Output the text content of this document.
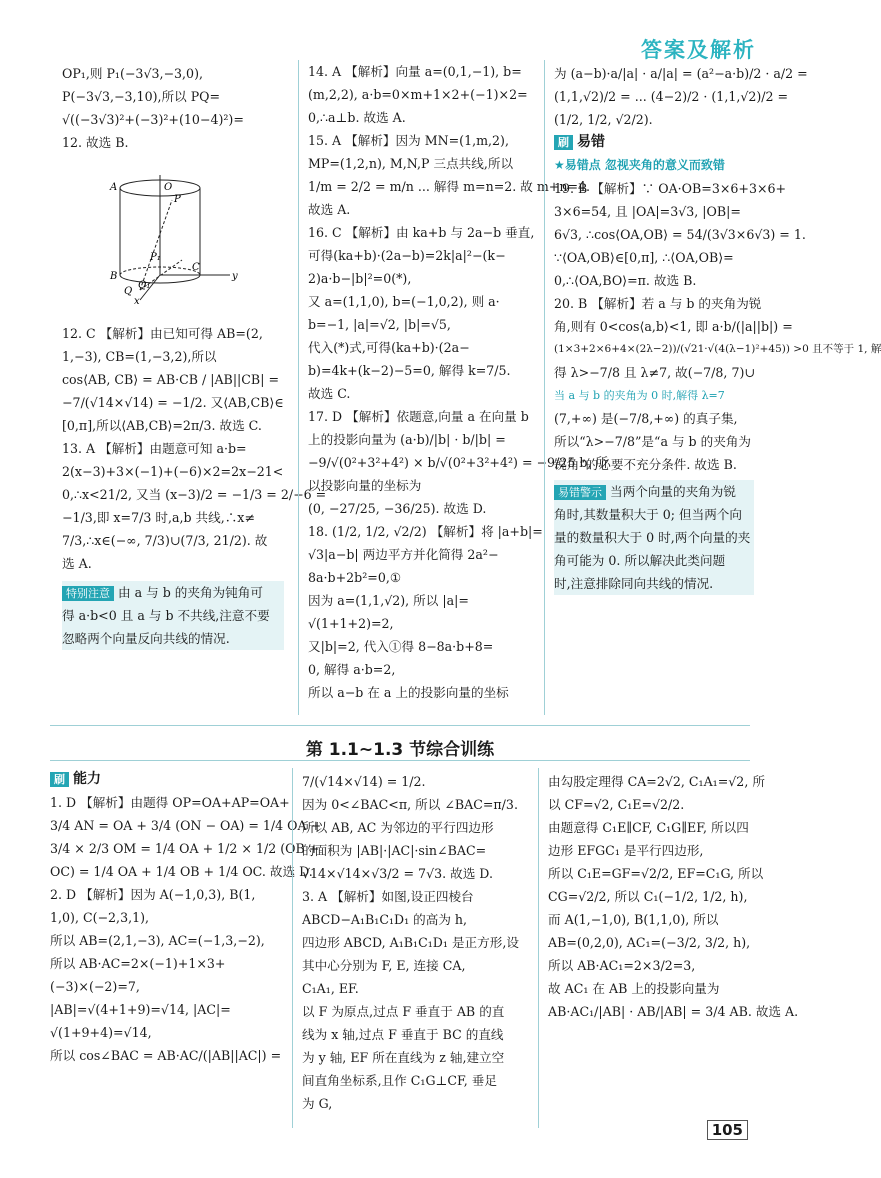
答案及解析

OP₁,则 P₁(−3√3,−3,0),

P(−3√3,−3,10),所以 PQ=

√((−3√3)²+(−3)²+(10−4)²)=

12. 故选 B.

A	O
P
P₁
C
y
B
Q₁
Q
x

12. C 【解析】由已知可得 AB=(2,

1,−3), CB=(1,−3,2),所以

cos⟨AB, CB⟩ = AB·CB / |AB||CB| =

−7/(√14×√14) = −1/2. 又⟨AB,CB⟩∈

[0,π],所以⟨AB,CB⟩=2π/3. 故选 C.

13. A 【解析】由题意可知 a·b=

2(x−3)+3×(−1)+(−6)×2=2x−21<

0,∴x<21/2, 又当 (x−3)/2 = −1/3 = 2/−6 =

−1/3,即 x=7/3 时,a,b 共线,∴x≠

7/3,∴x∈(−∞, 7/3)∪(7/3, 21/2). 故

选 A.

特别注意 由 a 与 b 的夹角为钝角可

得 a·b<0 且 a 与 b 不共线,注意不要

忽略两个向量反向共线的情况.

14. A 【解析】向量 a=(0,1,−1), b=

(m,2,2), a·b=0×m+1×2+(−1)×2=

0,∴a⊥b. 故选 A.

15. A 【解析】因为 MN=(1,m,2),

MP=(1,2,n), M,N,P 三点共线,所以

1/m = 2/2 = m/n ... 解得 m=n=2. 故 m+n=4.

故选 A.

16. C 【解析】由 ka+b 与 2a−b 垂直,

可得(ka+b)·(2a−b)=2k|a|²−(k−

2)a·b−|b|²=0(*),

又 a=(1,1,0), b=(−1,0,2), 则 a·

b=−1, |a|=√2, |b|=√5,

代入(*)式,可得(ka+b)·(2a−

b)=4k+(k−2)−5=0, 解得 k=7/5.

故选 C.

17. D 【解析】依题意,向量 a 在向量 b

上的投影向量为 (a·b)/|b| · b/|b| =

−9/√(0²+3²+4²) × b/√(0²+3²+4²) = −9/25 b, 所

以投影向量的坐标为

(0, −27/25, −36/25). 故选 D.

18. (1/2, 1/2, √2/2) 【解析】将 |a+b|=

√3|a−b| 两边平方并化简得 2a²−

8a·b+2b²=0,①

因为 a=(1,1,√2), 所以 |a|=

√(1+1+2)=2,

又|b|=2, 代入①得 8−8a·b+8=

0, 解得 a·b=2,

所以 a−b 在 a 上的投影向量的坐标

为 (a−b)·a/|a| · a/|a| = (a²−a·b)/2 · a/2 =

(1,1,√2)/2 = ... (4−2)/2 · (1,1,√2)/2 =

(1/2, 1/2, √2/2).

刷 易错

★易错点 忽视夹角的意义而致错

19. B 【解析】∵ OA·OB=3×6+3×6+

3×6=54, 且 |OA|=3√3, |OB|=

6√3, ∴cos⟨OA,OB⟩ = 54/(3√3×6√3) = 1.

∵⟨OA,OB⟩∈[0,π], ∴⟨OA,OB⟩=

0,∴⟨OA,BO⟩=π. 故选 B.

20. B 【解析】若 a 与 b 的夹角为锐

角,则有 0<cos⟨a,b⟩<1, 即 a·b/(|a||b|) =

(1×3+2×6+4×(2λ−2))/(√21·√(4(λ−1)²+45)) >0 且不等于 1, 解

得 λ>−7/8 且 λ≠7, 故(−7/8, 7)∪

当 a 与 b 的夹角为 0 时,解得 λ=7

(7,+∞) 是(−7/8,+∞) 的真子集,

所以“λ>−7/8”是“a 与 b 的夹角为

锐角”的必要不充分条件. 故选 B.

易错警示 当两个向量的夹角为锐

角时,其数量积大于 0; 但当两个向

量的数量积大于 0 时,两个向量的夹

角可能为 0. 所以解决此类问题

时,注意排除同向共线的情况.

第 1.1~1.3 节综合训练

刷 能力

1. D 【解析】由题得 OP=OA+AP=OA+

3/4 AN = OA + 3/4 (ON − OA) = 1/4 OA +

3/4 × 2/3 OM = 1/4 OA + 1/2 × 1/2 (OB +

OC) = 1/4 OA + 1/4 OB + 1/4 OC. 故选 D.

2. D 【解析】因为 A(−1,0,3), B(1,

1,0), C(−2,3,1),

所以 AB=(2,1,−3), AC=(−1,3,−2),

所以 AB·AC=2×(−1)+1×3+

(−3)×(−2)=7,

|AB|=√(4+1+9)=√14, |AC|=

√(1+9+4)=√14,

所以 cos∠BAC = AB·AC/(|AB||AC|) =

7/(√14×√14) = 1/2.

因为 0<∠BAC<π, 所以 ∠BAC=π/3.

所以 AB, AC 为邻边的平行四边形

的面积为 |AB|·|AC|·sin∠BAC=

√14×√14×√3/2 = 7√3. 故选 D.

3. A 【解析】如图,设正四棱台

ABCD−A₁B₁C₁D₁ 的高为 h,

四边形 ABCD, A₁B₁C₁D₁ 是正方形,设

其中心分别为 F, E, 连接 CA,

C₁A₁, EF.

以 F 为原点,过点 F 垂直于 AB 的直

线为 x 轴,过点 F 垂直于 BC 的直线

为 y 轴, EF 所在直线为 z 轴,建立空

间直角坐标系,且作 C₁G⊥CF, 垂足

为 G,

由勾股定理得 CA=2√2, C₁A₁=√2, 所

以 CF=√2, C₁E=√2/2.

由题意得 C₁E∥CF, C₁G∥EF, 所以四

边形 EFGC₁ 是平行四边形,

所以 C₁E=GF=√2/2, EF=C₁G, 所以

CG=√2/2, 所以 C₁(−1/2, 1/2, h),

而 A(1,−1,0), B(1,1,0), 所以

AB=(0,2,0), AC₁=(−3/2, 3/2, h),

所以 AB·AC₁=2×3/2=3,

故 AC₁ 在 AB 上的投影向量为

AB·AC₁/|AB| · AB/|AB| = 3/4 AB. 故选 A.

105
